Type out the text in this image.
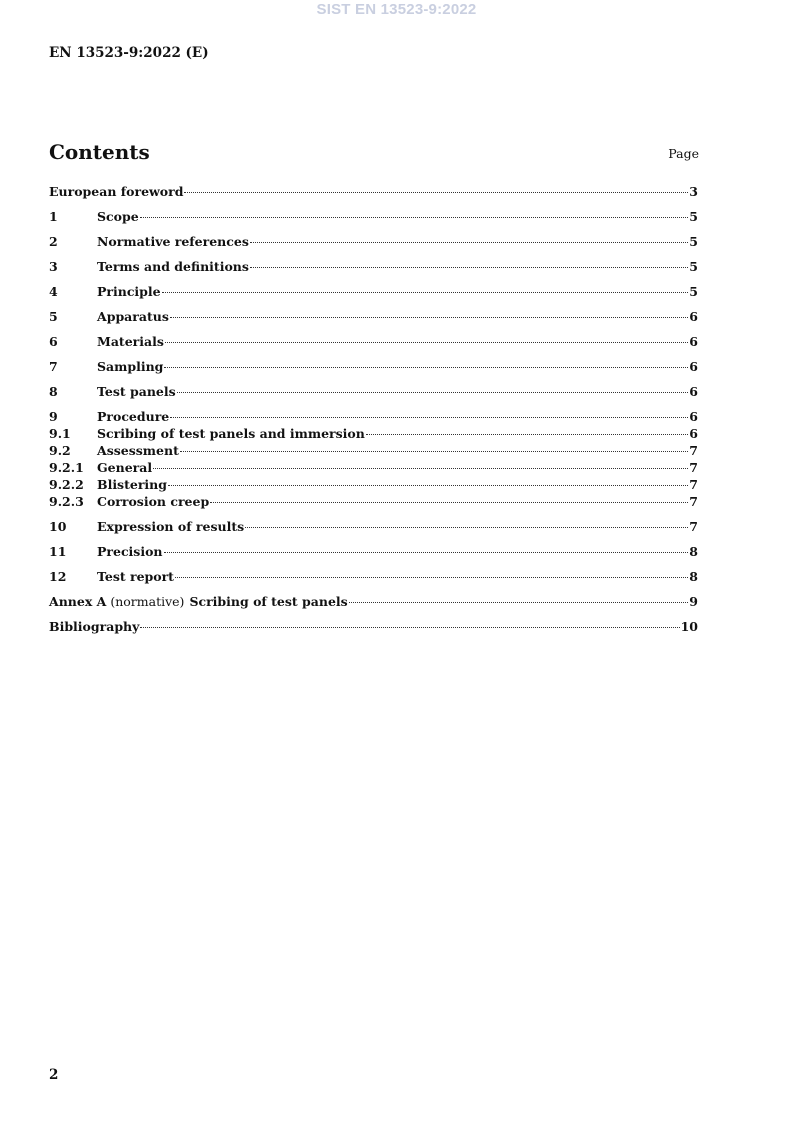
SIST EN 13523-9:2022
EN 13523-9:2022 (E)
Contents	Page
European foreword	3
1	Scope	5
2	Normative references	5
3	Terms and definitions	5
4	Principle	5
5	Apparatus	6
6	Materials	6
7	Sampling	6
8	Test panels	6
9	Procedure	6
9.1	Scribing of test panels and immersion	6
9.2	Assessment	7
9.2.1	General	7
9.2.2	Blistering	7
9.2.3	Corrosion creep	7
10	Expression of results	7
11	Precision	8
12	Test report	8
Annex A (normative) Scribing of test panels	9
Bibliography	10
2
